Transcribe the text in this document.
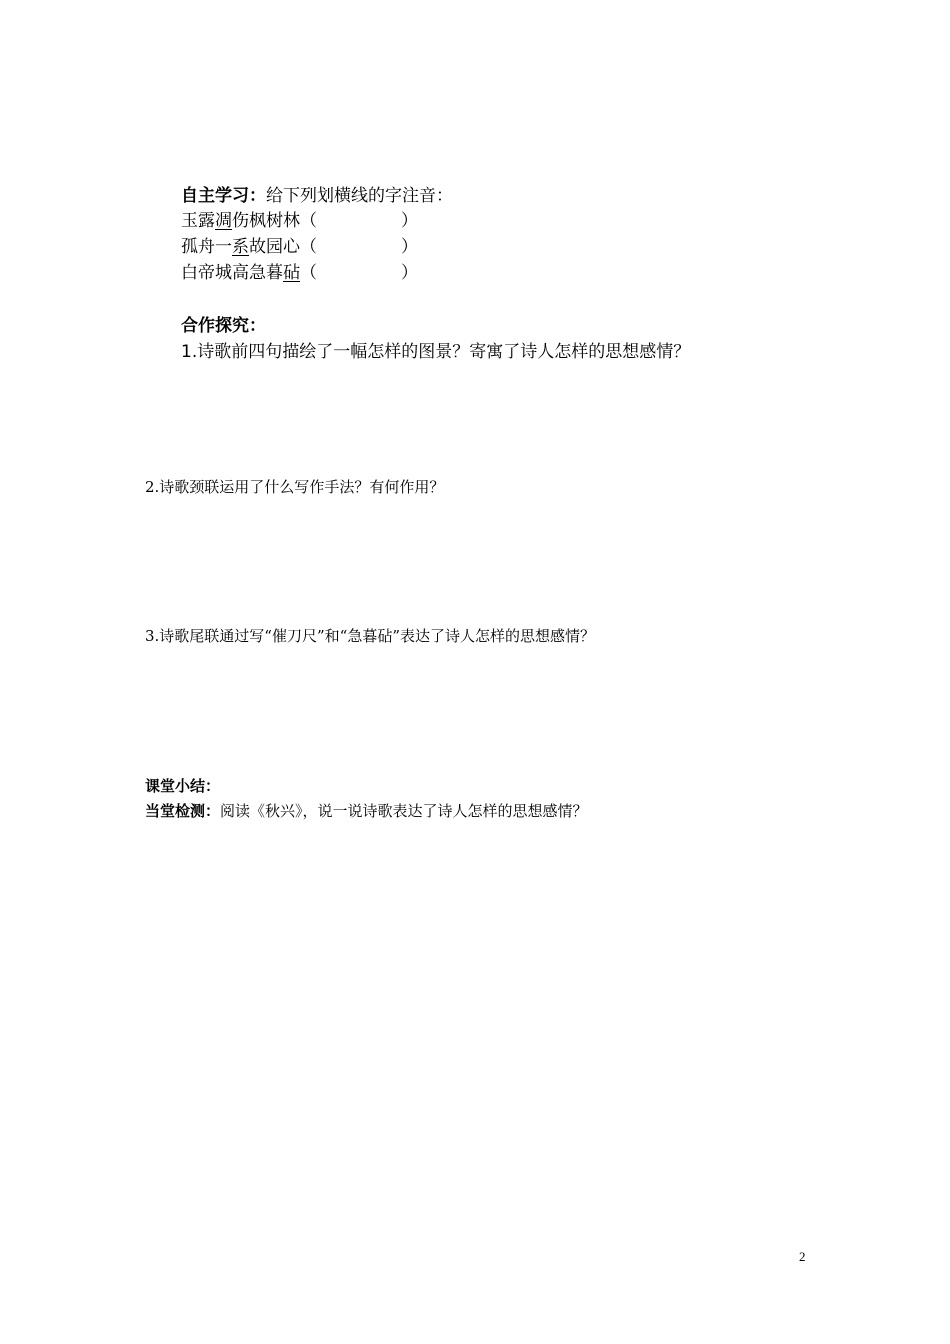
自主学习：给下列划横线的字注音：
玉露凋伤枫树林（	）
孤舟一系故园心（	）
白帝城高急暮砧（	）
合作探究：
1.诗歌前四句描绘了一幅怎样的图景？寄寓了诗人怎样的思想感情？
2.诗歌颈联运用了什么写作手法？有何作用？
3.诗歌尾联通过写“催刀尺”和“急暮砧”表达了诗人怎样的思想感情？
课堂小结：
当堂检测：阅读《秋兴》，说一说诗歌表达了诗人怎样的思想感情？
2
